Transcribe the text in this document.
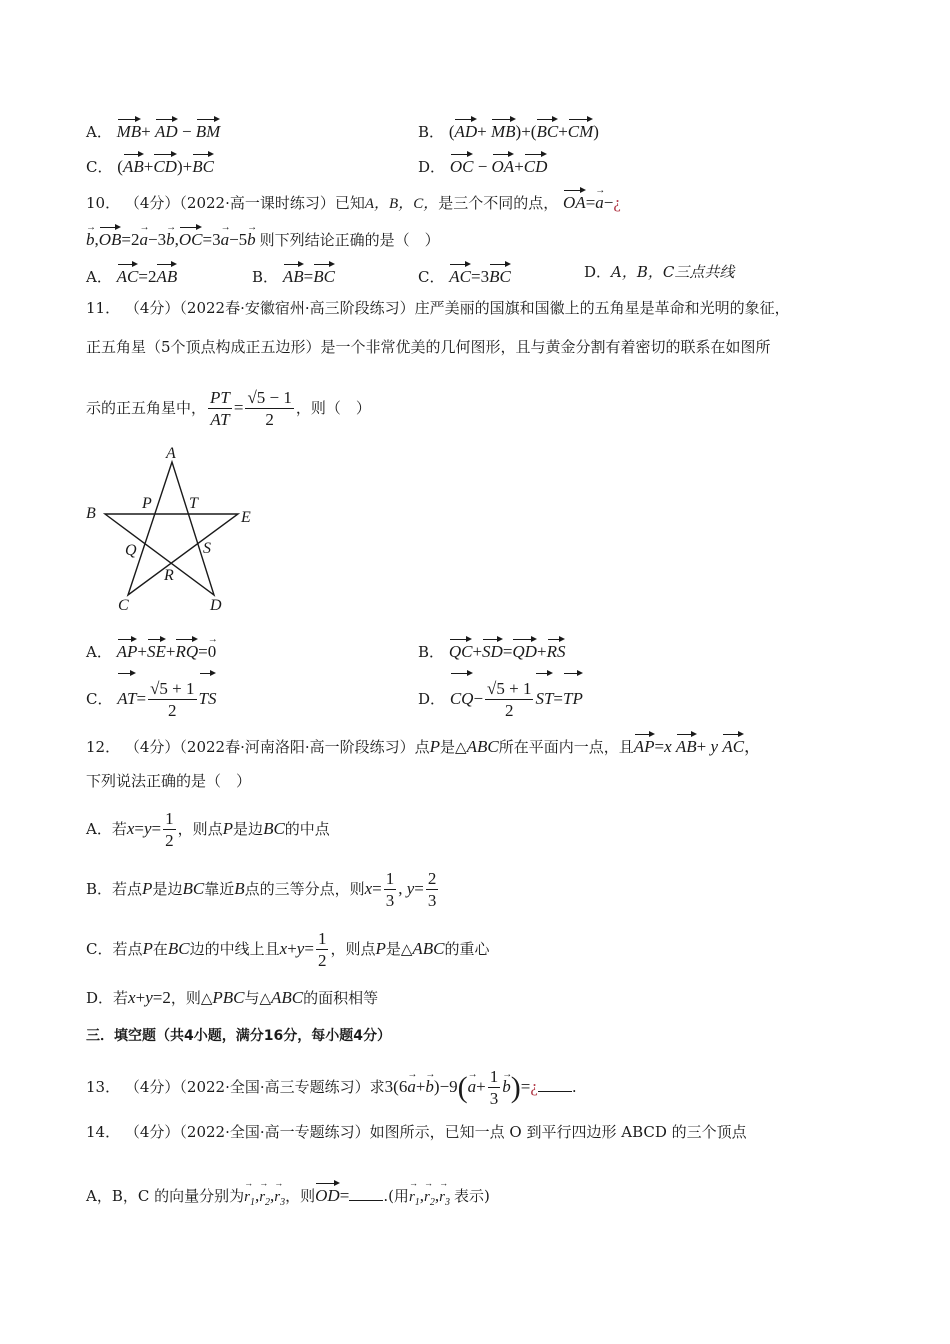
A． MB+ AD − BM	B． (AD+ MB)+(BC+CM)
C． (AB+CD)+BC	D． OC − OA+CD
10． （4分）（2022·高一课时练习）已知A，B，C，是三个不同的点， OA=a →−¿
b →,OB=2a →−3b →,OC=3a →−5b → 则下列结论正确的是（　）
A． AC=2AB	B． AB=BC	C． AC=3BC	D．A，B，C三点共线
11． （4分）（2022春·安徽宿州·高三阶段练习）庄严美丽的国旗和国徽上的五角星是革命和光明的象征，
正五角星（5个顶点构成正五边形）是一个非常优美的几何图形，且与黄金分割有着密切的联系在如图所
示的正五角星中， $\frac{PT}{AT} = \frac{√5 - 1}{2}$ ，则（　）
A
B
C	D
E
P T
Q	S
R
A． AP+SE+RQ=0 →	B． QC+SD=QD+RS
C． $AT= \frac{√5 + 1}{2}$ TS	D． $CQ- \frac{√5 + 1}{2} ST=TP$
12． （4分）（2022春·河南洛阳·高一阶段练习）点P是△ABC所在平面内一点，且AP=x AB+ y AC，
下列说法正确的是（　）
A．若$x=y= \frac{1}{2}$ ，则点P是边BC的中点
B．若点P是边BC靠近B点的三等分点，则$x= \frac{1}{3}$ , $y= \frac{2}{3}$
C．若点P在BC边的中线上且$x+y= \frac{1}{2}$ ，则点P是△ABC的重心
D．若x+y=2，则△PBC与△ABC的面积相等
三．填空题（共4小题，满分16分，每小题4分）
13． （4分）（2022·全国·高三专题练习）求$3(6a \to+b \to)-9(a \to+ \frac{1}{3}$ b →)=¿ .
14． （4分）（2022·全国·高一专题练习）如图所示，已知一点 O 到平行四边形 ABCD 的三个顶点
A，B，C 的向量分别为→ $r_1,\to r_2,\to r_3$，则OD= .(用→ $r_1,\to r_2,\to r_3$ 表示)
